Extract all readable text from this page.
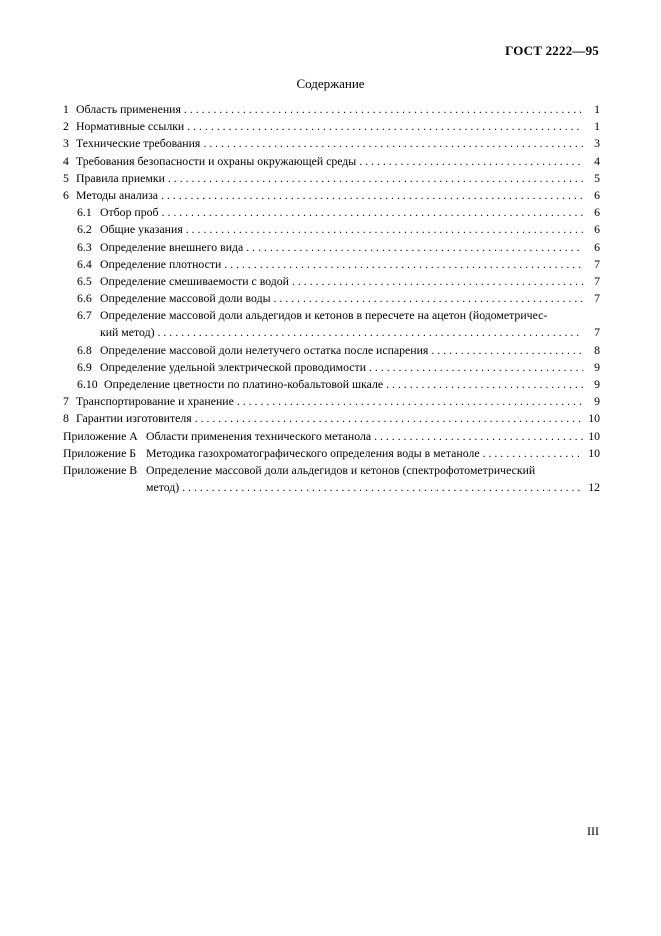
ГОСТ 2222—95
Содержание
1 Область применения . . .	1
2 Нормативные ссылки . . .	1
3 Технические требования . . .	3
4 Требования безопасности и охраны окружающей среды . . .	4
5 Правила приемки . . .	5
6 Методы анализа . . .	6
6.1 Отбор проб . . .	6
6.2 Общие указания . . .	6
6.3 Определение внешнего вида . . .	6
6.4 Определение плотности . . .	7
6.5 Определение смешиваемости с водой . . .	7
6.6 Определение массовой доли воды . . .	7
6.7 Определение массовой доли альдегидов и кетонов в пересчете на ацетон (йодометричес-
кий метод) . . .	7
6.8 Определение массовой доли нелетучего остатка после испарения . . .	8
6.9 Определение удельной электрической проводимости . . .	9
6.10 Определение цветности по платино-кобальтовой шкале . . .	9
7 Транспортирование и хранение . . .	9
8 Гарантии изготовителя . . .	10
Приложение А Области применения технического метанола . . .	10
Приложение Б Методика газохроматографического определения воды в метаноле . . .	10
Приложение В Определение массовой доли альдегидов и кетонов (спектрофотометрический
метод) . . .	12
III
